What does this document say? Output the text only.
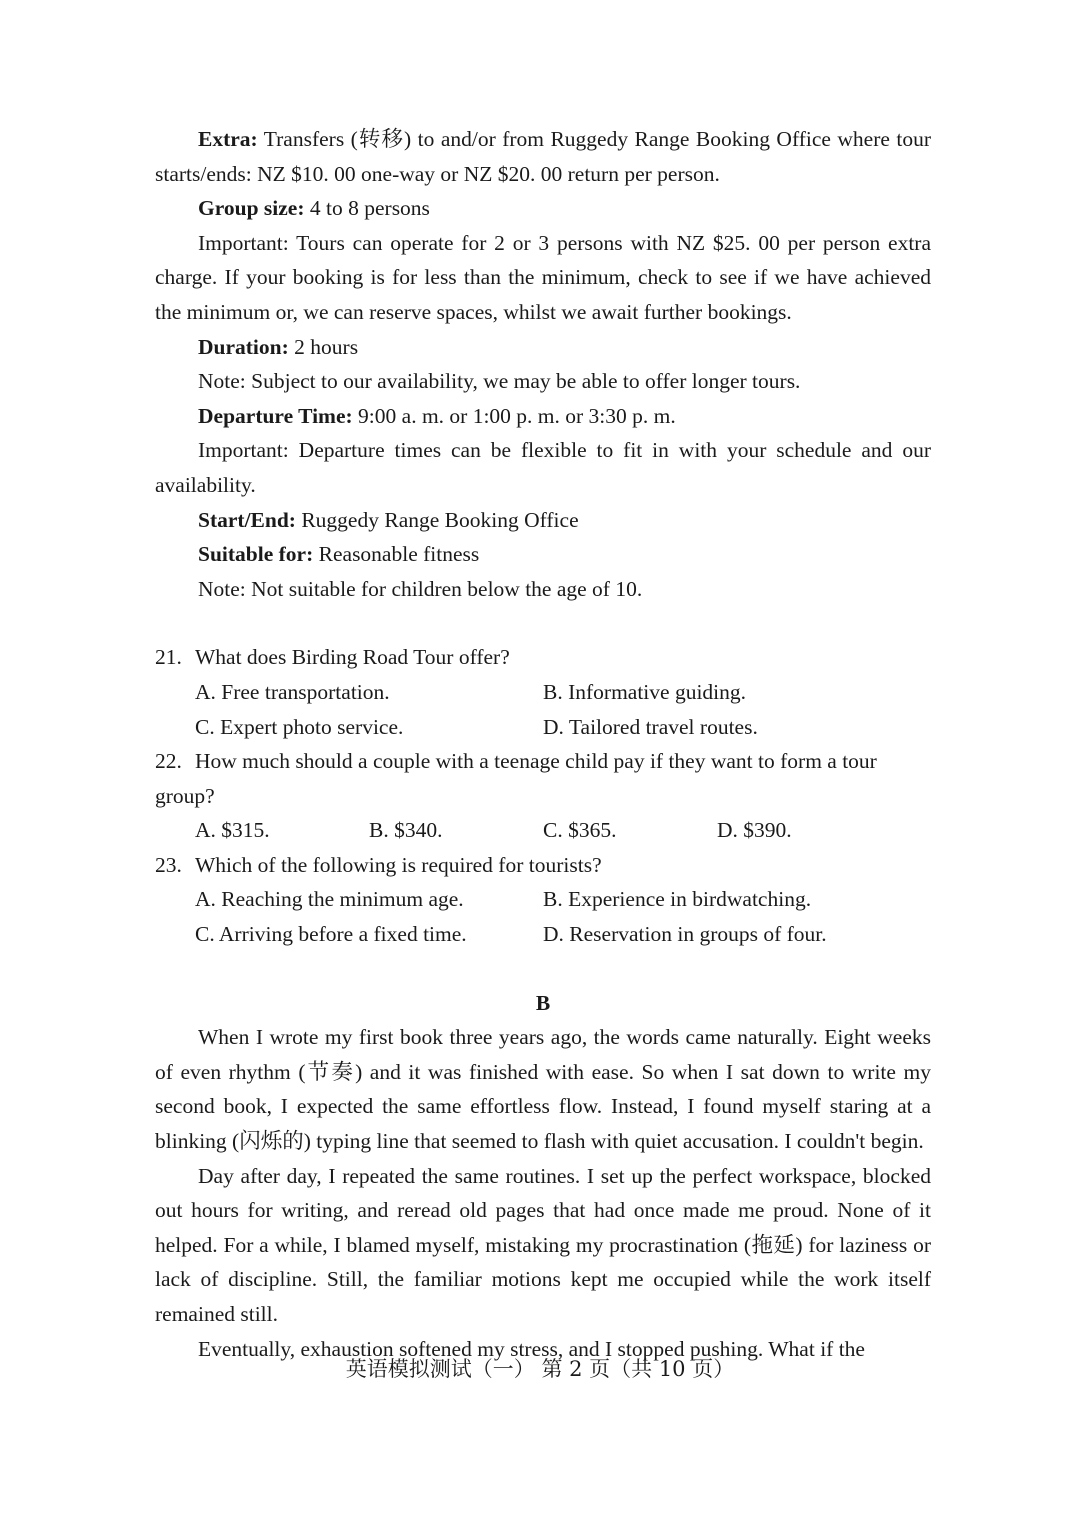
Extra: Transfers (转移) to and/or from Ruggedy Range Booking Office where tour starts/ends: NZ $10. 00 one-way or NZ $20. 00 return per person.

Group size: 4 to 8 persons

Important: Tours can operate for 2 or 3 persons with NZ $25. 00 per person extra charge. If your booking is for less than the minimum, check to see if we have achieved the minimum or, we can reserve spaces, whilst we await further bookings.

Duration: 2 hours

Note: Subject to our availability, we may be able to offer longer tours.

Departure Time: 9:00 a. m. or 1:00 p. m. or 3:30 p. m.

Important: Departure times can be flexible to fit in with your schedule and our availability.

Start/End: Ruggedy Range Booking Office

Suitable for: Reasonable fitness

Note: Not suitable for children below the age of 10.

21. What does Birding Road Tour offer?

A. Free transportation.	B. Informative guiding.
C. Expert photo service.	D. Tailored travel routes.

22. How much should a couple with a teenage child pay if they want to form a tour group?

A. $315.	B. $340.	C. $365.	D. $390.

23. Which of the following is required for tourists?

A. Reaching the minimum age.	B. Experience in birdwatching.
C. Arriving before a fixed time.	D. Reservation in groups of four.

B

When I wrote my first book three years ago, the words came naturally. Eight weeks of even rhythm (节奏) and it was finished with ease. So when I sat down to write my second book, I expected the same effortless flow. Instead, I found myself staring at a blinking (闪烁的) typing line that seemed to flash with quiet accusation. I couldn't begin.

Day after day, I repeated the same routines. I set up the perfect workspace, blocked out hours for writing, and reread old pages that had once made me proud. None of it helped. For a while, I blamed myself, mistaking my procrastination (拖延) for laziness or lack of discipline. Still, the familiar motions kept me occupied while the work itself remained still.

Eventually, exhaustion softened my stress, and I stopped pushing. What if the

英语模拟测试（一） 第 2 页（共 10 页）
